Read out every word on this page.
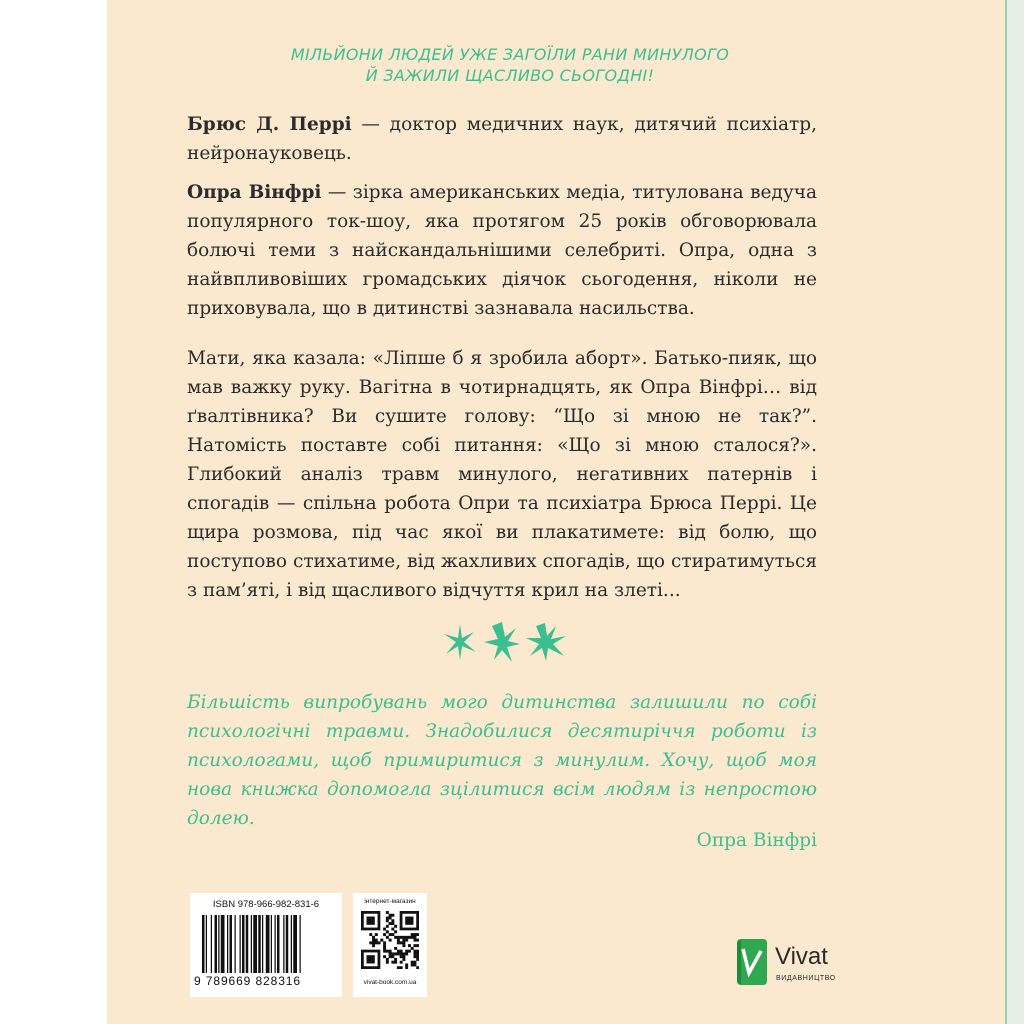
МІЛЬЙОНИ ЛЮДЕЙ УЖЕ ЗАГОЇЛИ РАНИ МИНУЛОГО
Й ЗАЖИЛИ ЩАСЛИВО СЬОГОДНІ!

Брюс Д. Перрі — доктор медичних наук, дитячий психіатр, нейронауковець.

Опра Вінфрі — зірка американських медіа, титулована ведуча популярного ток-шоу, яка протягом 25 років обговорювала болючі теми з найскандальнішими селебриті. Опра, одна з найвпливовіших громадських діячок сьогодення, ніколи не приховувала, що в дитинстві зазнавала насильства.

Мати, яка казала: «Ліпше б я зробила аборт». Батько-пияк, що мав важку руку. Вагітна в чотирнадцять, як Опра Вінфрі… від ґвалтівника? Ви сушите голову: “Що зі мною не так?”. Натомість поставте собі питання: «Що зі мною сталося?». Глибокий аналіз травм минулого, негативних патернів і спогадів — спільна робота Опри та психіатра Брюса Перрі. Це щира розмова, під час якої ви плакатимете: від болю, що поступово стихатиме, від жахливих спогадів, що стиратимуться з пам’яті, і від щасливого відчуття крил на злеті...

Більшість випробувань мого дитинства залишили по собі психологічні травми. Знадобилися десятиріччя роботи із психологами, щоб примиритися з минулим. Хочу, щоб моя нова книжка допомогла зцілитися всім людям із непростою долею.

Опра Вінфрі
ISBN 978-966-982-831-6
9 789669 828316
інтернет-магазин
vivat-book.com.ua
Vivat
ВИДАВНИЦТВО
